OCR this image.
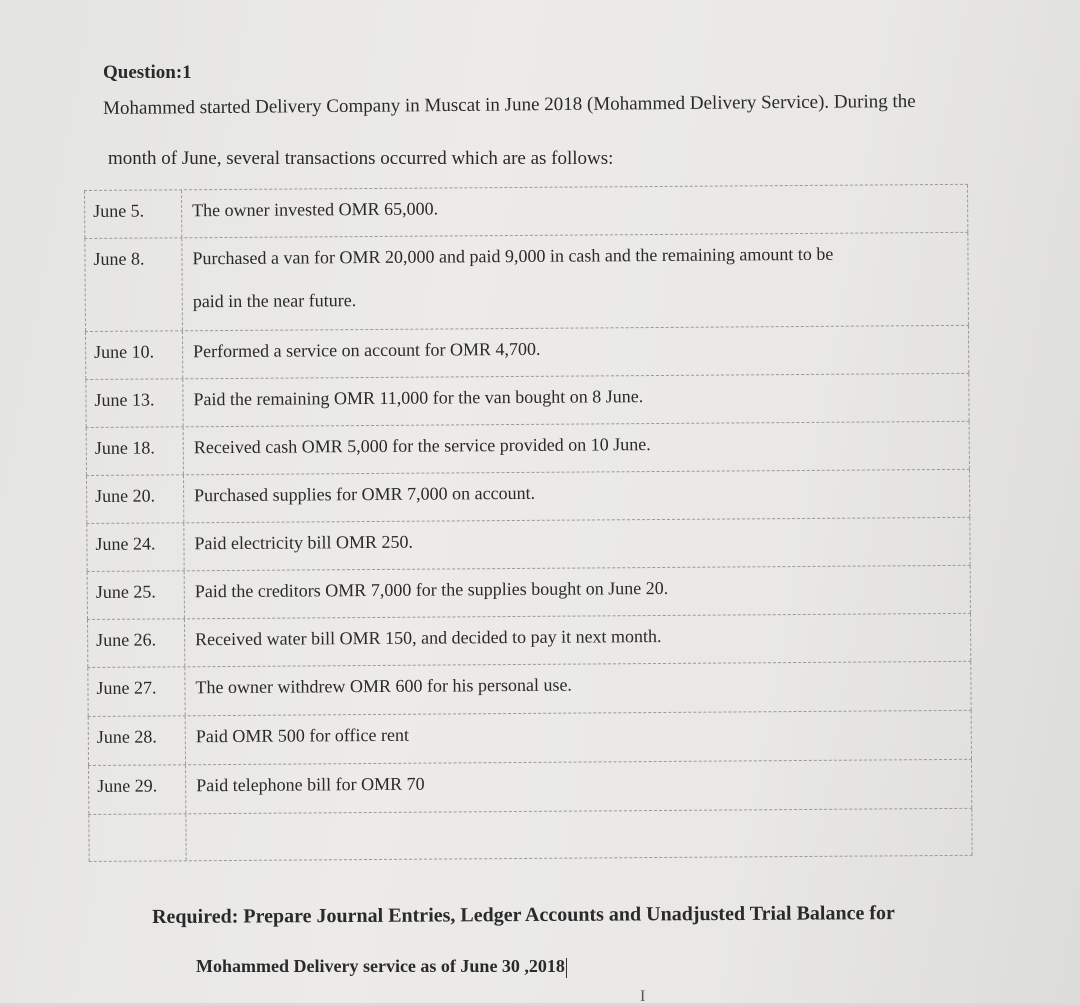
Question:1
Mohammed started Delivery Company in Muscat in June 2018 (Mohammed Delivery Service). During the
month of June, several transactions occurred which are as follows:
June 5.	The owner invested OMR 65,000.
June 8.	Purchased a van for OMR 20,000 and paid 9,000 in cash and the remaining amount to be
paid in the near future.
June 10.	Performed a service on account for OMR 4,700.
June 13.	Paid the remaining OMR 11,000 for the van bought on 8 June.
June 18.	Received cash OMR 5,000 for the service provided on 10 June.
June 20.	Purchased supplies for OMR 7,000 on account.
June 24.	Paid electricity bill OMR 250.
June 25.	Paid the creditors OMR 7,000 for the supplies bought on June 20.
June 26.	Received water bill OMR 150, and decided to pay it next month.
June 27.	The owner withdrew OMR 600 for his personal use.
June 28.	Paid OMR 500 for office rent
June 29.	Paid telephone bill for OMR 70
Required: Prepare Journal Entries, Ledger Accounts and Unadjusted Trial Balance for
Mohammed Delivery service as of June 30 ,2018
I
